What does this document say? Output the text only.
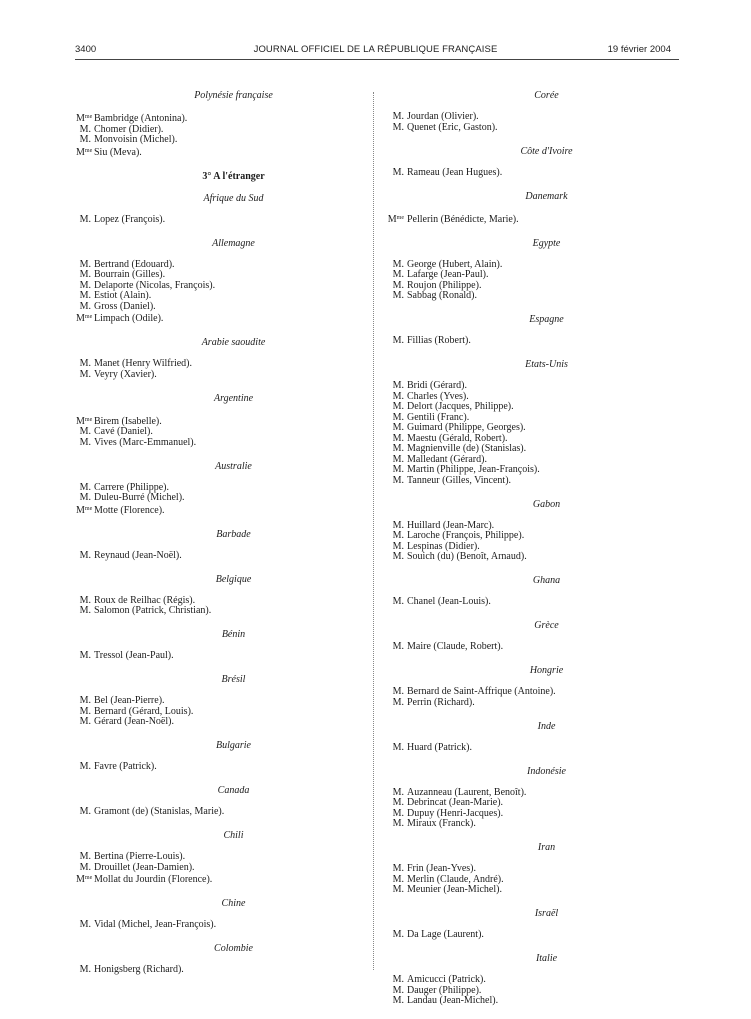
3400	JOURNAL OFFICIEL DE LA RÉPUBLIQUE FRANÇAISE	19 février 2004
Polynésie française
$M^{me}$ Bambridge (Antonina).
M. Chomer (Didier).
M. Monvoisin (Michel).
$M^{me}$ Siu (Meva).
3° A l'étranger
Afrique du Sud
M. Lopez (François).
Allemagne
M. Bertrand (Edouard).
M. Bourrain (Gilles).
M. Delaporte (Nicolas, François).
M. Estiot (Alain).
M. Gross (Daniel).
$M^{me}$ Limpach (Odile).
Arabie saoudite
M. Manet (Henry Wilfried).
M. Veyry (Xavier).
Argentine
$M^{me}$ Birem (Isabelle).
M. Cavé (Daniel).
M. Vives (Marc-Emmanuel).
Australie
M. Carrere (Philippe).
M. Duleu-Burré (Michel).
$M^{me}$ Motte (Florence).
Barbade
M. Reynaud (Jean-Noël).
Belgique
M. Roux de Reilhac (Régis).
M. Salomon (Patrick, Christian).
Bénin
M. Tressol (Jean-Paul).
Brésil
M. Bel (Jean-Pierre).
M. Bernard (Gérard, Louis).
M. Gérard (Jean-Noël).
Bulgarie
M. Favre (Patrick).
Canada
M. Gramont (de) (Stanislas, Marie).
Chili
M. Bertina (Pierre-Louis).
M. Drouillet (Jean-Damien).
$M^{me}$ Mollat du Jourdin (Florence).
Chine
M. Vidal (Michel, Jean-François).
Colombie
M. Honigsberg (Richard).
Corée
M. Jourdan (Olivier).
M. Quenet (Eric, Gaston).
Côte d'Ivoire
M. Rameau (Jean Hugues).
Danemark
$M^{me}$ Pellerin (Bénédicte, Marie).
Egypte
M. George (Hubert, Alain).
M. Lafarge (Jean-Paul).
M. Roujon (Philippe).
M. Sabbag (Ronald).
Espagne
M. Fillias (Robert).
Etats-Unis
M. Bridi (Gérard).
M. Charles (Yves).
M. Delort (Jacques, Philippe).
M. Gentili (Franc).
M. Guimard (Philippe, Georges).
M. Maestu (Gérald, Robert).
M. Magnienville (de) (Stanislas).
M. Malledant (Gérard).
M. Martin (Philippe, Jean-François).
M. Tanneur (Gilles, Vincent).
Gabon
M. Huillard (Jean-Marc).
M. Laroche (François, Philippe).
M. Lespinas (Didier).
M. Souich (du) (Benoît, Arnaud).
Ghana
M. Chanel (Jean-Louis).
Grèce
M. Maire (Claude, Robert).
Hongrie
M. Bernard de Saint-Affrique (Antoine).
M. Perrin (Richard).
Inde
M. Huard (Patrick).
Indonésie
M. Auzanneau (Laurent, Benoît).
M. Debrincat (Jean-Marie).
M. Dupuy (Henri-Jacques).
M. Miraux (Franck).
Iran
M. Frin (Jean-Yves).
M. Merlin (Claude, André).
M. Meunier (Jean-Michel).
Israël
M. Da Lage (Laurent).
Italie
M. Amicucci (Patrick).
M. Dauger (Philippe).
M. Landau (Jean-Michel).
